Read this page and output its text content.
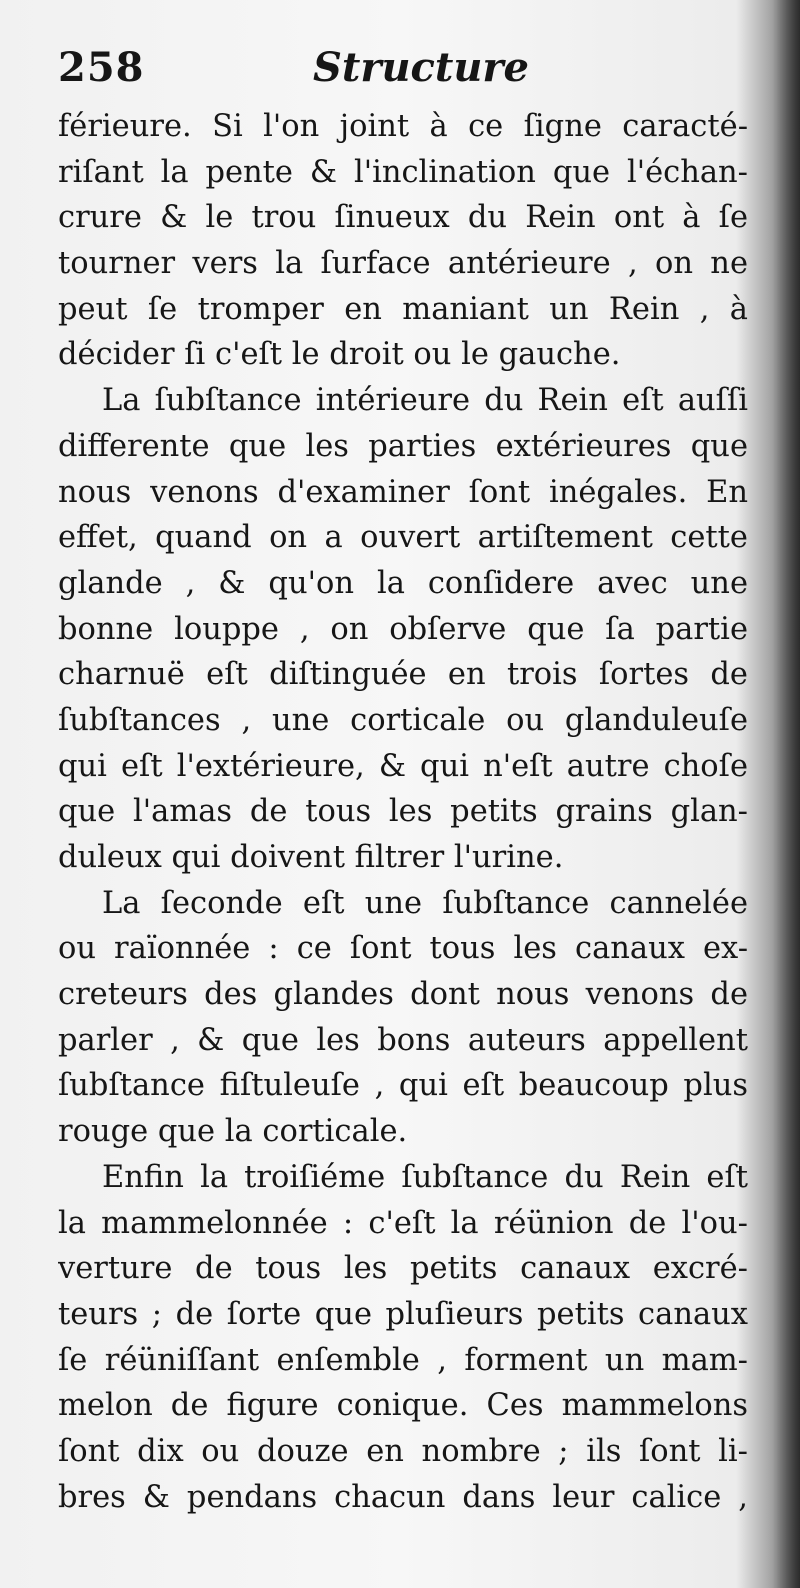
258	Structure
férieure. Si l'on joint à ce ſigne caracté-
riſant la pente & l'inclination que l'échan-
crure & le trou ſinueux du Rein ont à ſe
tourner vers la ſurface antérieure , on ne
peut ſe tromper en maniant un Rein , à
décider ſi c'eſt le droit ou le gauche.
La ſubſtance intérieure du Rein eſt auſſi
differente que les parties extérieures que
nous venons d'examiner ſont inégales. En
effet, quand on a ouvert artiſtement cette
glande , & qu'on la conſidere avec une
bonne louppe , on obſerve que ſa partie
charnuë eſt diſtinguée en trois ſortes de
ſubſtances , une corticale ou glanduleuſe
qui eſt l'extérieure, & qui n'eſt autre choſe
que l'amas de tous les petits grains glan-
duleux qui doivent filtrer l'urine.
La ſeconde eſt une ſubſtance cannelée
ou raïonnée : ce ſont tous les canaux ex-
creteurs des glandes dont nous venons de
parler , & que les bons auteurs appellent
ſubſtance fiſtuleuſe , qui eſt beaucoup plus
rouge que la corticale.
Enfin la troiſiéme ſubſtance du Rein eſt
la mammelonnée : c'eſt la réünion de l'ou-
verture de tous les petits canaux excré-
teurs ; de ſorte que pluſieurs petits canaux
ſe réüniſſant enſemble , forment un mam-
melon de figure conique. Ces mammelons
ſont dix ou douze en nombre ; ils ſont li-
bres & pendans chacun dans leur calice ,
